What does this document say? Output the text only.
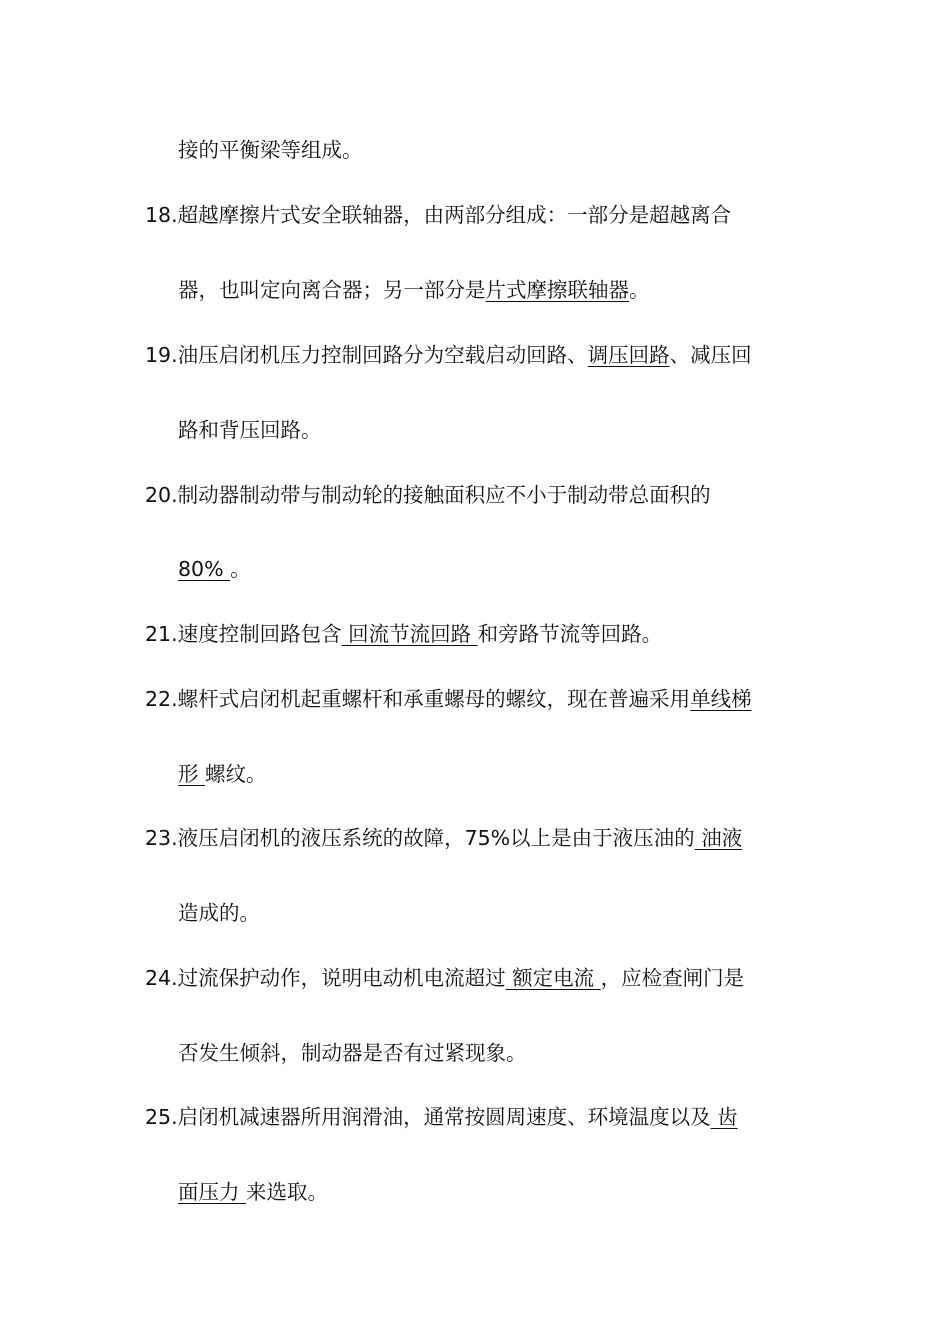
接的平衡梁等组成。
18.超越摩擦片式安全联轴器，由两部分组成：一部分是超越离合
器，也叫定向离合器；另一部分是片式摩擦联轴器。
19.油压启闭机压力控制回路分为空载启动回路、调压回路、减压回
路和背压回路。
20.制动器制动带与制动轮的接触面积应不小于制动带总面积的
80% 。
21.速度控制回路包含 回流节流回路 和旁路节流等回路。
22.螺杆式启闭机起重螺杆和承重螺母的螺纹，现在普遍采用单线梯
形 螺纹。
23.液压启闭机的液压系统的故障，75%以上是由于液压油的 油液
造成的。
24.过流保护动作，说明电动机电流超过 额定电流 ，应检查闸门是
否发生倾斜，制动器是否有过紧现象。
25.启闭机减速器所用润滑油，通常按圆周速度、环境温度以及 齿
面压力 来选取。
